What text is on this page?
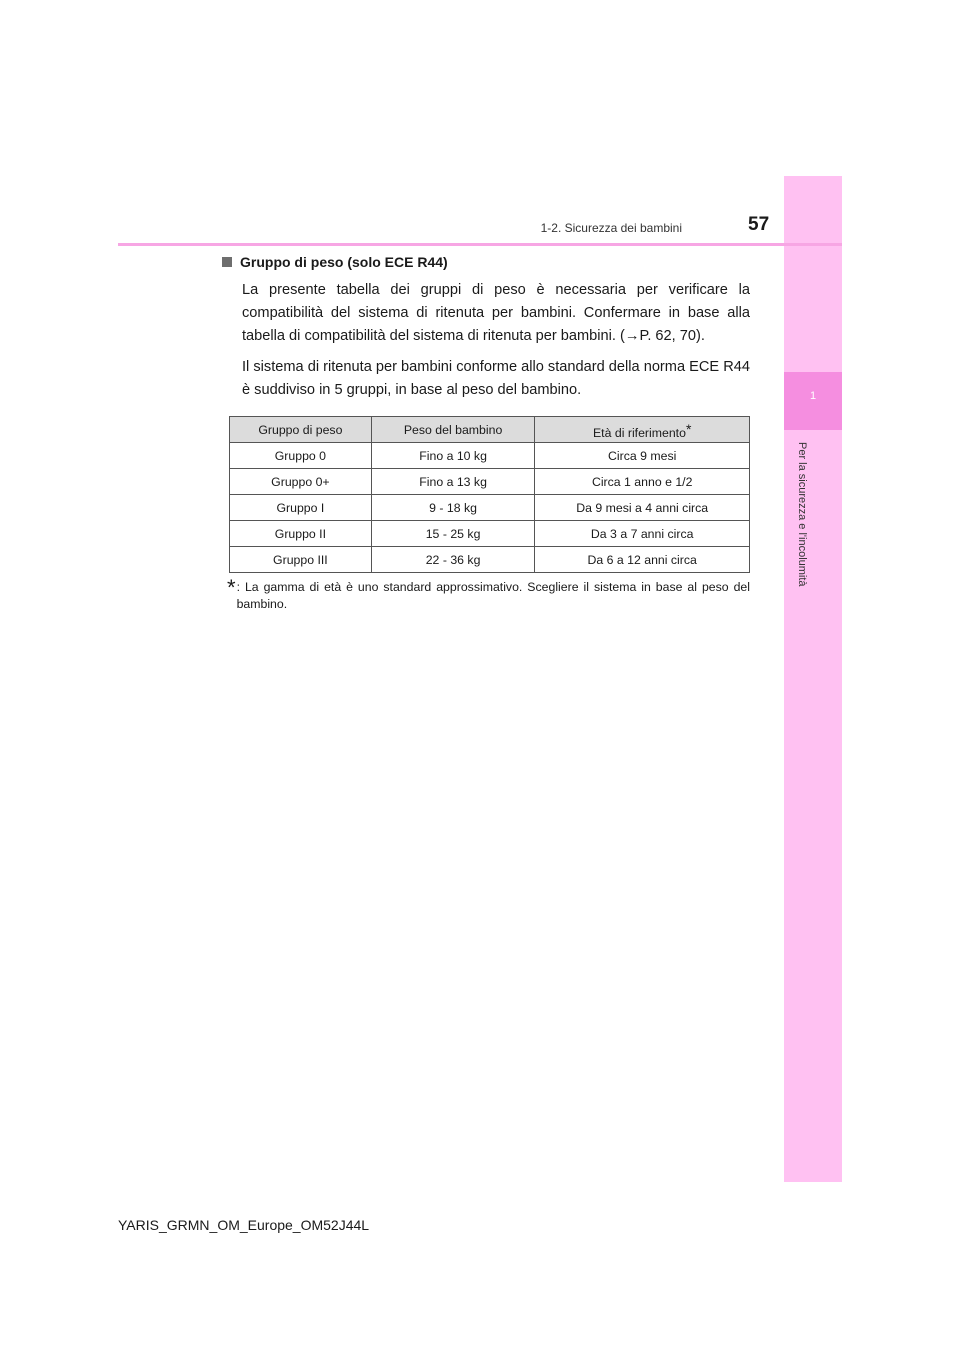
1
Per la sicurezza e l'incolumità
1-2. Sicurezza dei bambini	57
Gruppo di peso (solo ECE R44)

La presente tabella dei gruppi di peso è necessaria per verificare la compatibilità del sistema di ritenuta per bambini. Confermare in base alla tabella di compatibilità del sistema di ritenuta per bambini. (→P. 62, 70).

Il sistema di ritenuta per bambini conforme allo standard della norma ECE R44 è suddiviso in 5 gruppi, in base al peso del bambino.

Gruppo di peso	Peso del bambino	Età di riferimento*
Gruppo 0	Fino a 10 kg	Circa 9 mesi
Gruppo 0+	Fino a 13 kg	Circa 1 anno e 1/2
Gruppo I	9 - 18 kg	Da 9 mesi a 4 anni circa
Gruppo II	15 - 25 kg	Da 3 a 7 anni circa
Gruppo III	22 - 36 kg	Da 6 a 12 anni circa
* : La gamma di età è uno standard approssimativo. Scegliere il sistema in base al peso del bambino.
YARIS_GRMN_OM_Europe_OM52J44L
